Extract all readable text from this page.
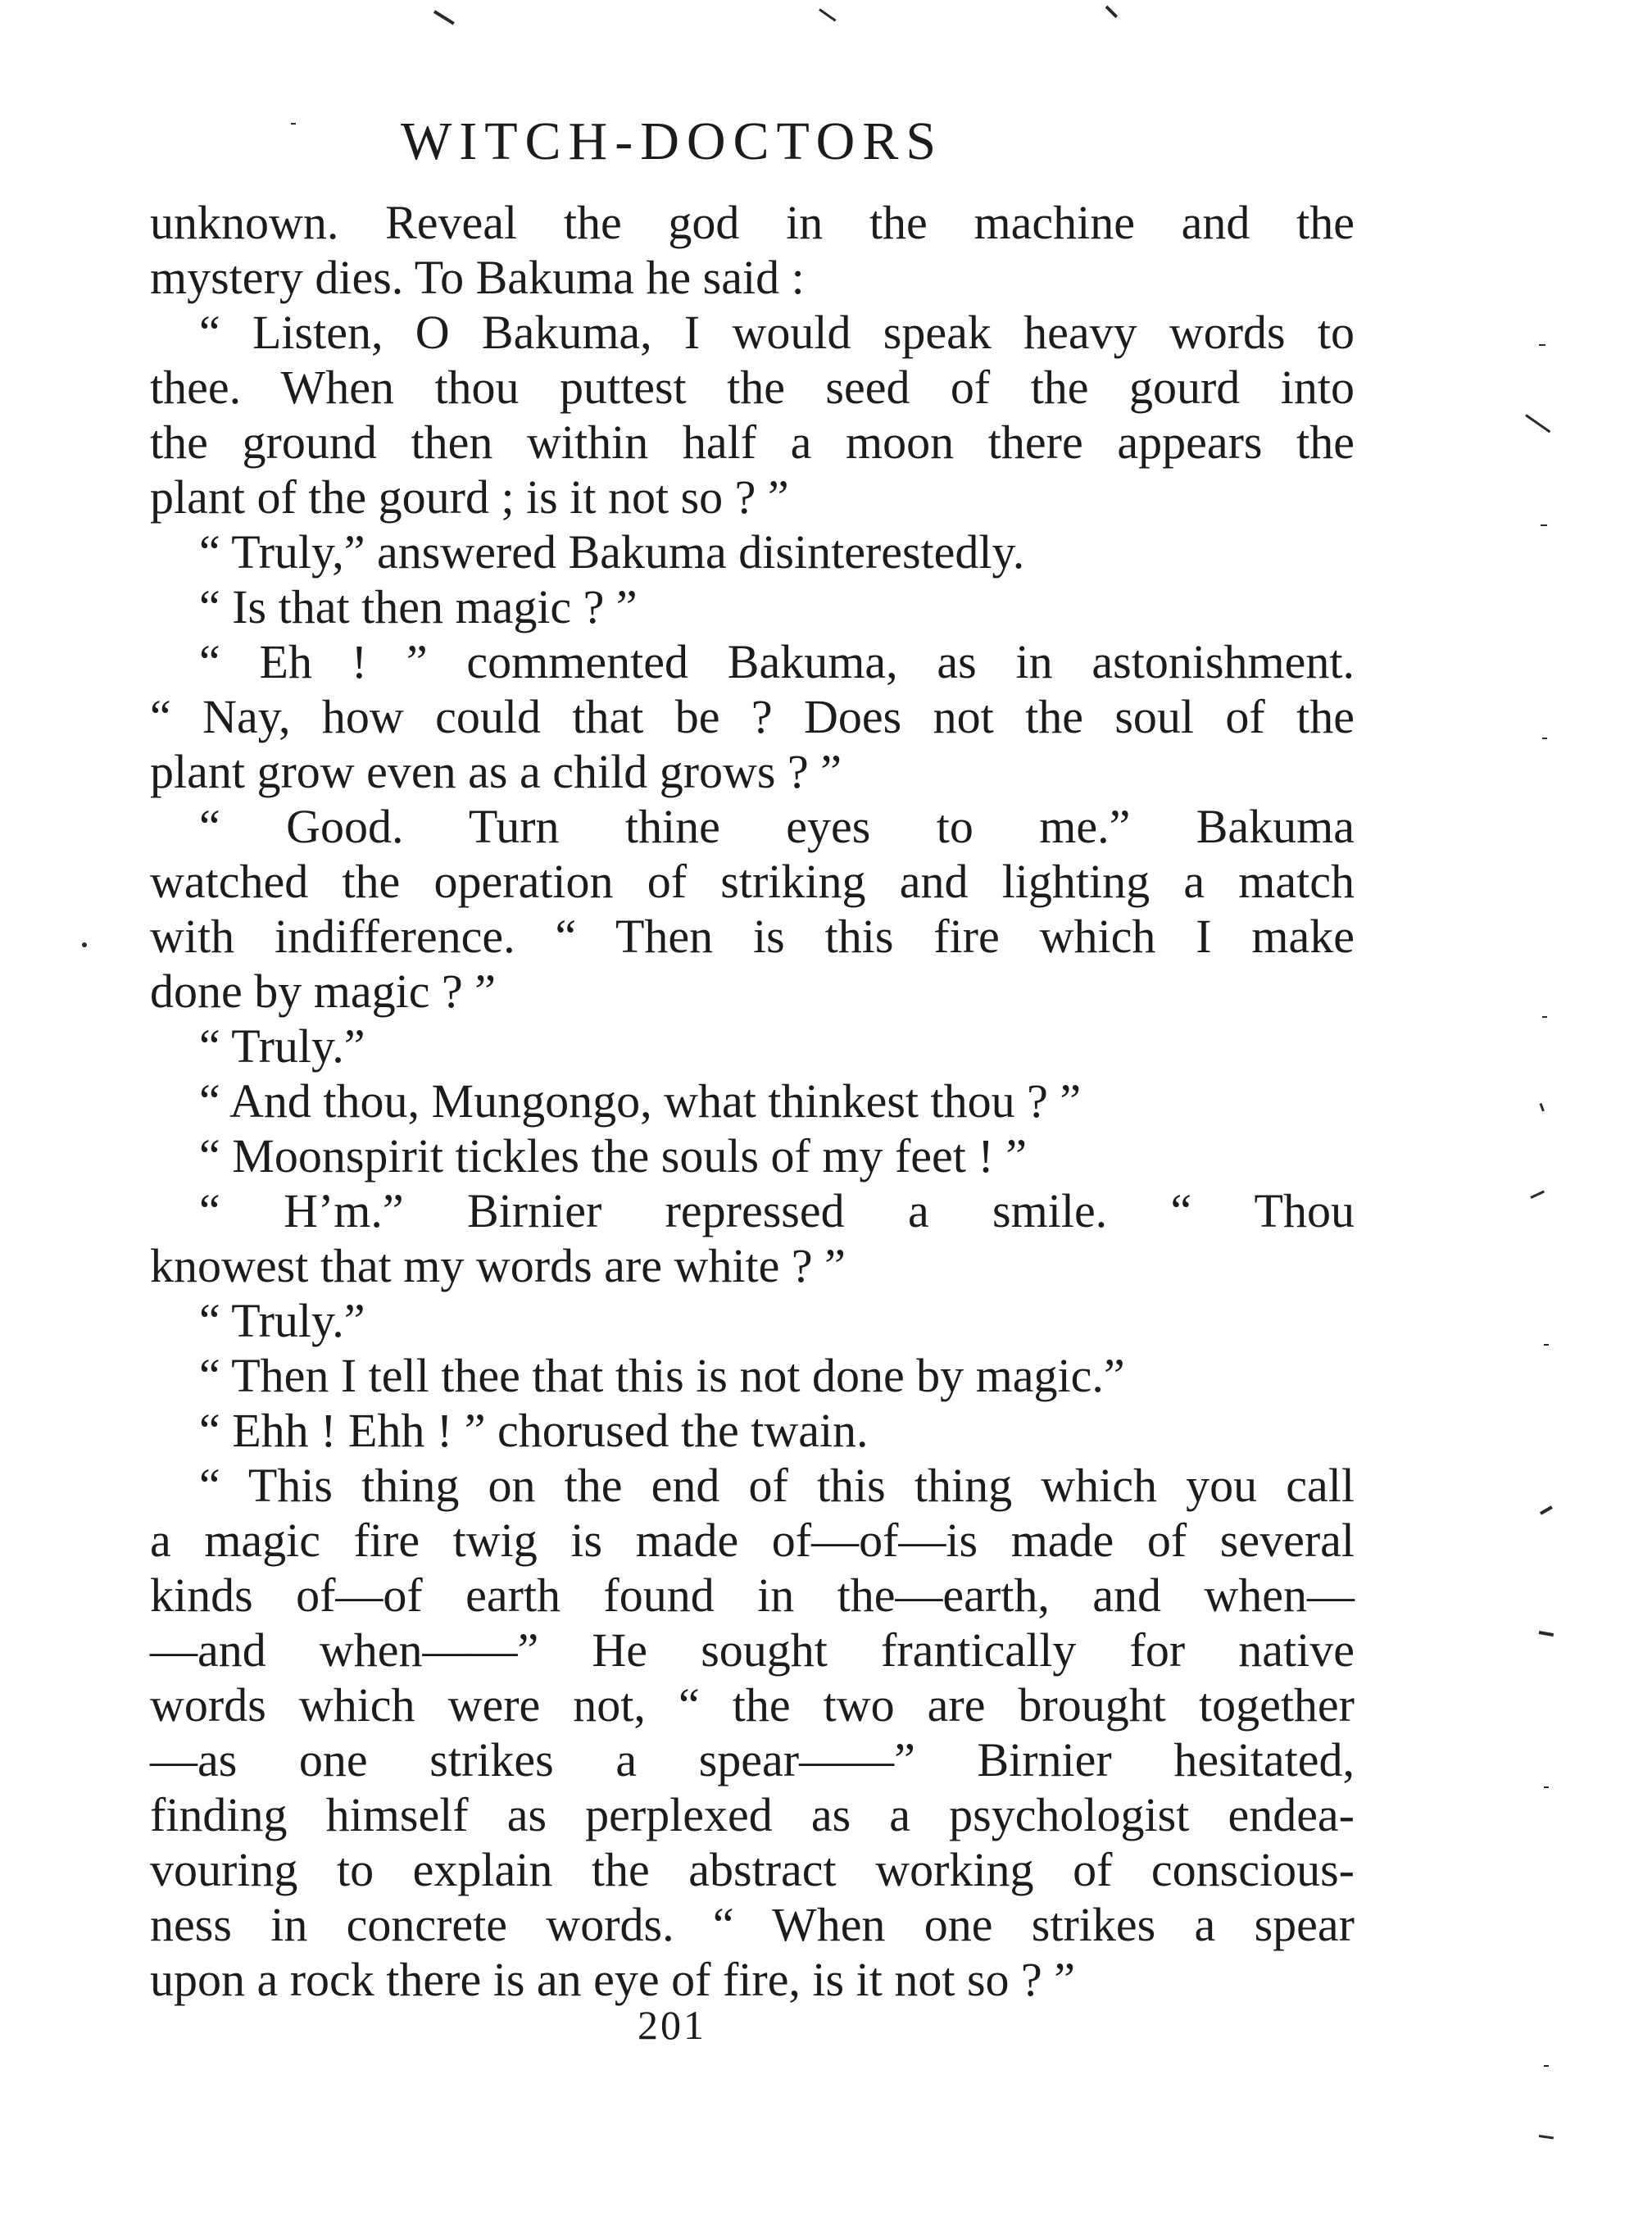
WITCH-DOCTORS
unknown. Reveal the god in the machine and the
mystery dies. To Bakuma he said :
“ Listen, O Bakuma, I would speak heavy words to
thee. When thou puttest the seed of the gourd into
the ground then within half a moon there appears the
plant of the gourd ; is it not so ? ”
“ Truly,” answered Bakuma disinterestedly.
“ Is that then magic ? ”
“ Eh ! ” commented Bakuma, as in astonishment.
“ Nay, how could that be ? Does not the soul of the
plant grow even as a child grows ? ”
“ Good. Turn thine eyes to me.” Bakuma
watched the operation of striking and lighting a match
with indifference. “ Then is this fire which I make
done by magic ? ”
“ Truly.”
“ And thou, Mungongo, what thinkest thou ? ”
“ Moonspirit tickles the souls of my feet ! ”
“ H’m.” Birnier repressed a smile. “ Thou
knowest that my words are white ? ”
“ Truly.”
“ Then I tell thee that this is not done by magic.”
“ Ehh ! Ehh ! ” chorused the twain.
“ This thing on the end of this thing which you call
a magic fire twig is made of—of—is made of several
kinds of—of earth found in the—earth, and when—
—and when——” He sought frantically for native
words which were not, “ the two are brought together
—as one strikes a spear——” Birnier hesitated,
finding himself as perplexed as a psychologist endea-
vouring to explain the abstract working of conscious-
ness in concrete words. “ When one strikes a spear
upon a rock there is an eye of fire, is it not so ? ”
201
